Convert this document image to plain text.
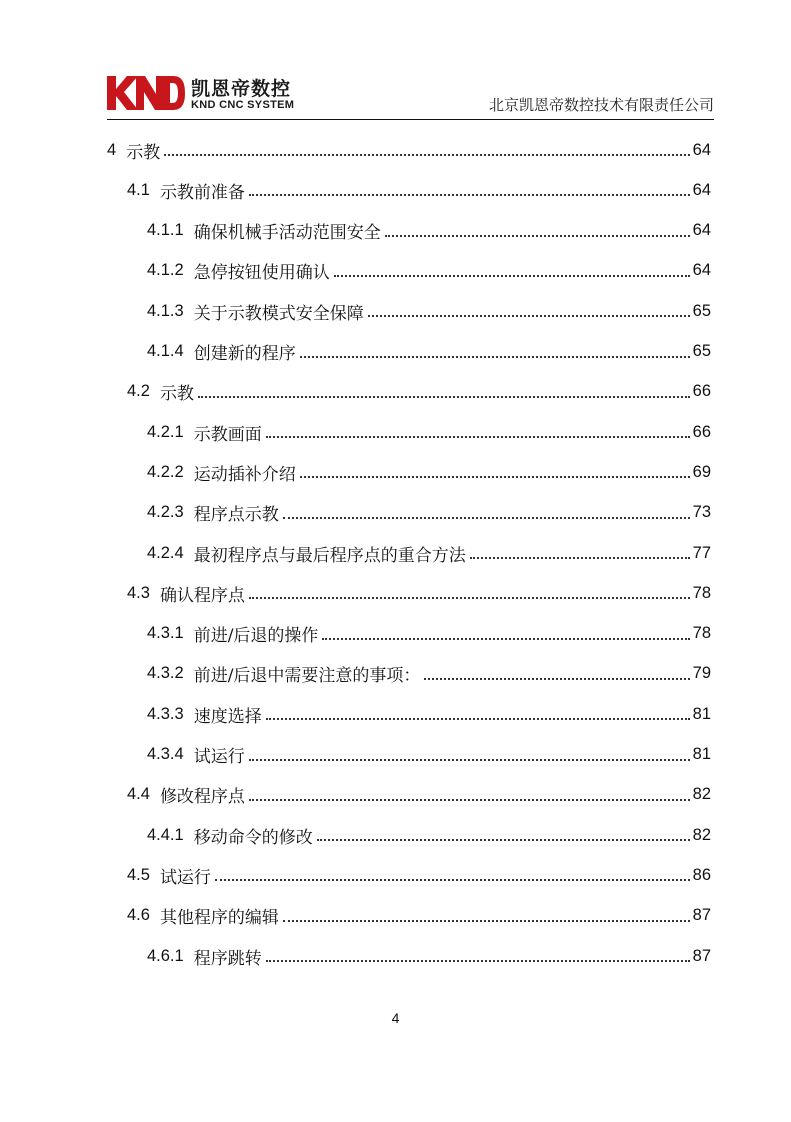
凯恩帝数控
KND CNC SYSTEM	北京凯恩帝数控技术有限责任公司
4 示教	64
4.1 示教前准备	64
4.1.1 确保机械手活动范围安全	64
4.1.2 急停按钮使用确认	64
4.1.3 关于示教模式安全保障	65
4.1.4 创建新的程序	65
4.2 示教	66
4.2.1 示教画面	66
4.2.2 运动插补介绍	69
4.2.3 程序点示教	73
4.2.4 最初程序点与最后程序点的重合方法	77
4.3 确认程序点	78
4.3.1 前进/后退的操作	78
4.3.2 前进/后退中需要注意的事项：	79
4.3.3 速度选择	81
4.3.4 试运行	81
4.4 修改程序点	82
4.4.1 移动命令的修改	82
4.5 试运行	86
4.6 其他程序的编辑	87
4.6.1 程序跳转	87
4
